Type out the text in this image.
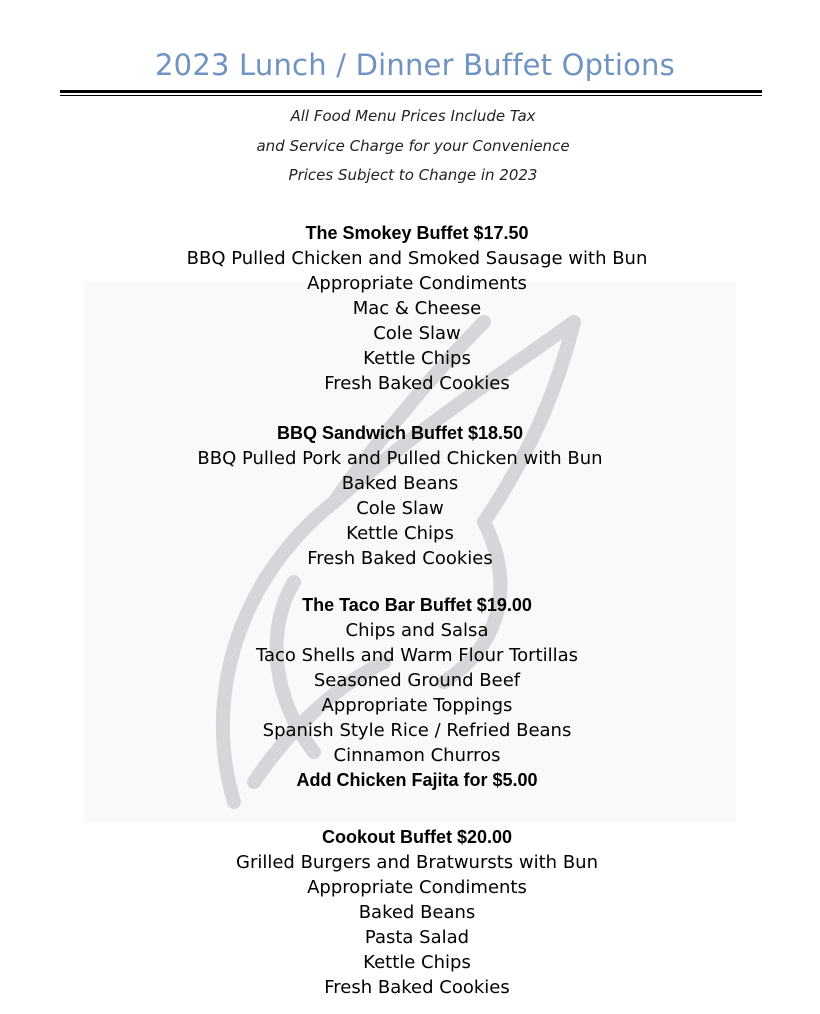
2023 Lunch / Dinner Buffet Options
All Food Menu Prices Include Tax
and Service Charge for your Convenience
Prices Subject to Change in 2023
The Smokey Buffet $17.50
BBQ Pulled Chicken and Smoked Sausage with Bun
Appropriate Condiments
Mac & Cheese
Cole Slaw
Kettle Chips
Fresh Baked Cookies
BBQ Sandwich Buffet $18.50
BBQ Pulled Pork and Pulled Chicken with Bun
Baked Beans
Cole Slaw
Kettle Chips
Fresh Baked Cookies
The Taco Bar Buffet $19.00
Chips and Salsa
Taco Shells and Warm Flour Tortillas
Seasoned Ground Beef
Appropriate Toppings
Spanish Style Rice / Refried Beans
Cinnamon Churros
Add Chicken Fajita for $5.00
Cookout Buffet $20.00
Grilled Burgers and Bratwursts with Bun
Appropriate Condiments
Baked Beans
Pasta Salad
Kettle Chips
Fresh Baked Cookies
